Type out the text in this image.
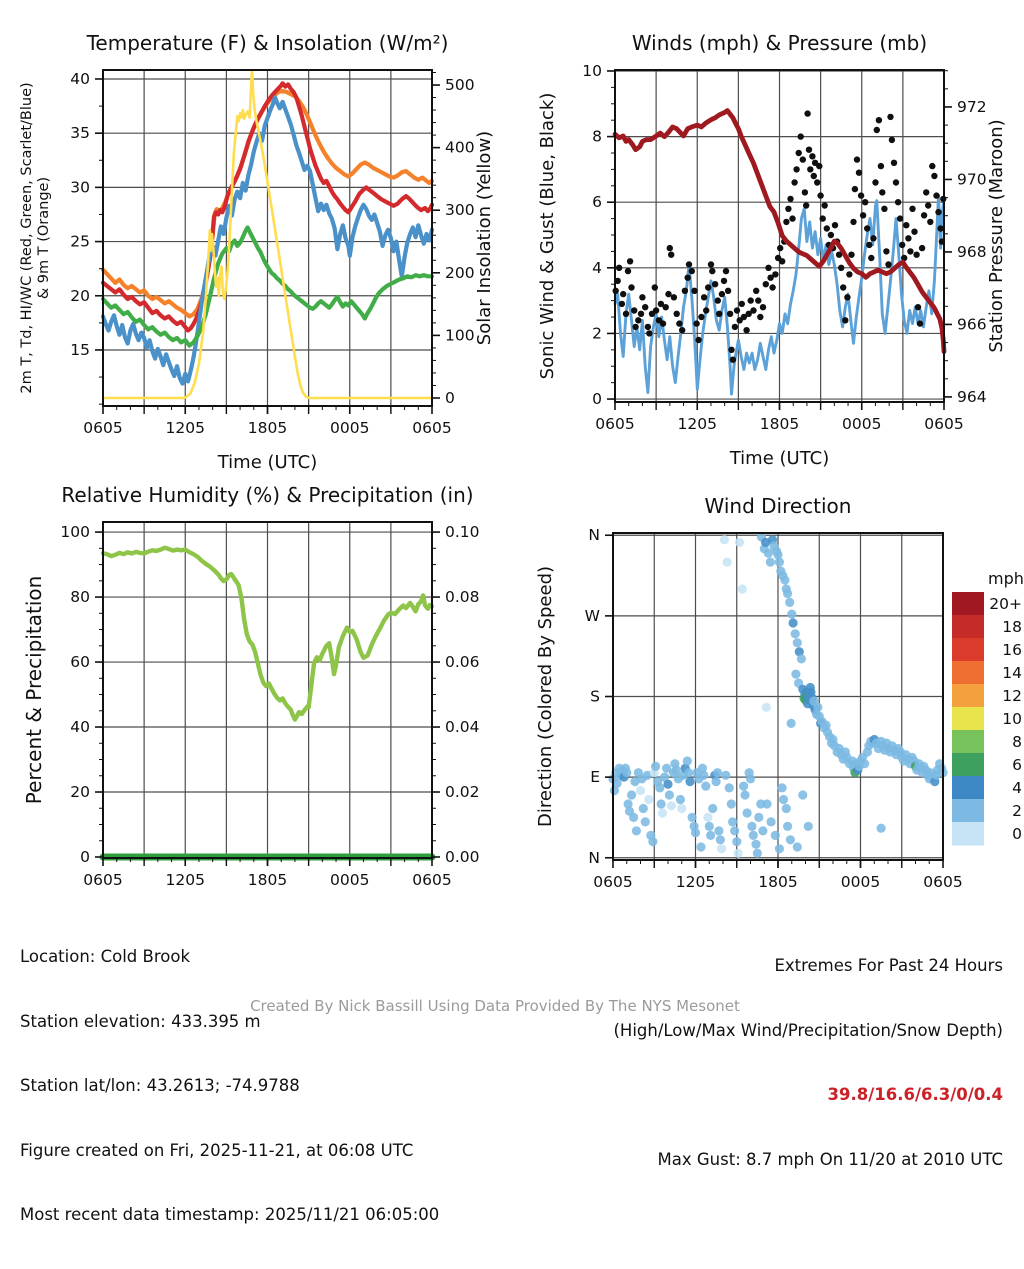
0605	1205	1805	0005	0605
15
20
25
30
35
40
0
100
200
300
400
500
Temperature (F) & Insolation (W/m²)
Time (UTC)
2m T, Td, HI/WC (Red, Green, Scarlet/Blue) & 9m T (Orange)	Solar Insolation (Yellow)
0605	1205	1805	0005	0605
0
2
4
6
8
10
964
966
968
970
972
Winds (mph) & Pressure (mb)
Time (UTC)
Sonic Wind & Gust (Blue, Black)	Station Pressure (Maroon)
0605	1205	1805	0005	0605
0
20
40
60
80
100
0.00
0.02
0.04
0.06
0.08
0.10
Relative Humidity (%) & Precipitation (in)
Percent & Precipitation
0605	1205	1805	0005	0605
N
E
S
W
N
Wind Direction
Direction (Colored By Speed)	mph
20+
18
16
14
12
10
8
6
4
2
0

Location: Cold Brook

Station elevation: 433.395 m

Station lat/lon: 43.2613; -74.9788

Figure created on Fri, 2025-11-21, at 06:08 UTC

Most recent data timestamp: 2025/11/21 06:05:00

Extremes For Past 24 Hours

(High/Low/Max Wind/Precipitation/Snow Depth)

39.8/16.6/6.3/0/0.4

Max Gust: 8.7 mph On 11/20 at 2010 UTC

Created By Nick Bassill Using Data Provided By The NYS Mesonet
